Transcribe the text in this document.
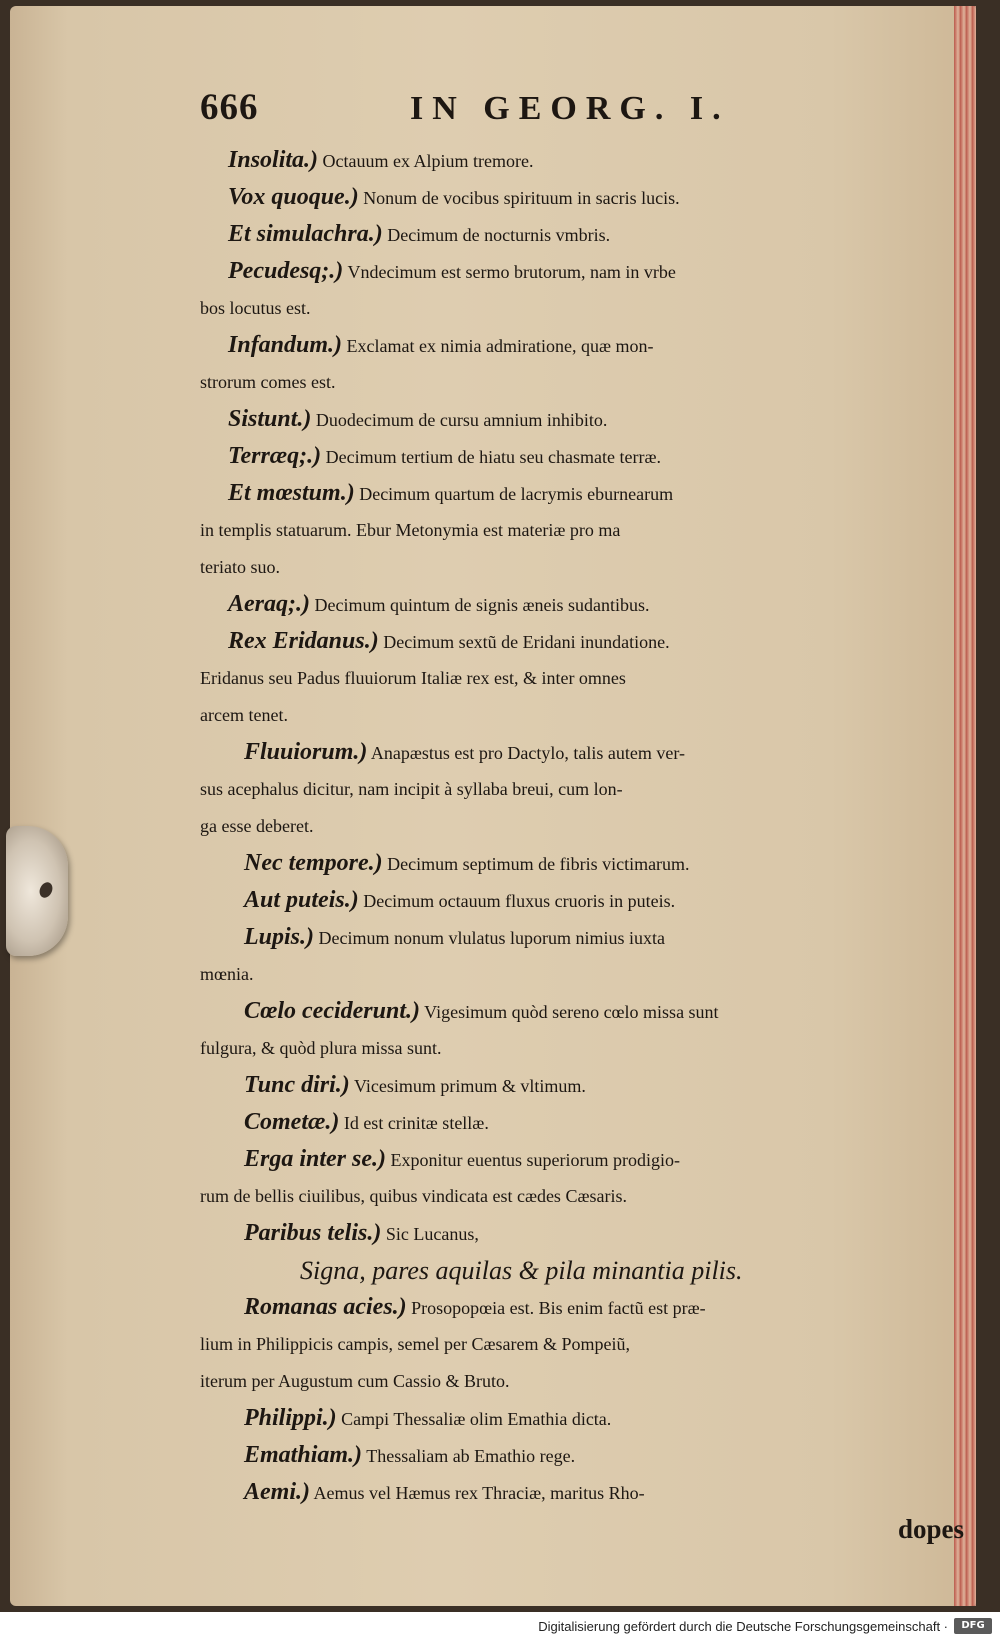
666	IN GEORG. I.
Insolita.) Octauum ex Alpium tremore.
Vox quoque.) Nonum de vocibus spirituum in sacris lucis.
Et simulachra.) Decimum de nocturnis vmbris.
Pecudesq;.) Vndecimum est sermo brutorum, nam in vrbe
bos locutus est.
Infandum.) Exclamat ex nimia admiratione, quæ mon-
strorum comes est.
Sistunt.) Duodecimum de cursu amnium inhibito.
Terræq;.) Decimum tertium de hiatu seu chasmate terræ.
Et mœstum.) Decimum quartum de lacrymis eburnearum
in templis statuarum. Ebur Metonymia est materiæ pro ma
teriato suo.
Aeraq;.) Decimum quintum de signis æneis sudantibus.
Rex Eridanus.) Decimum sextũ de Eridani inundatione.
Eridanus seu Padus fluuiorum Italiæ rex est, & inter omnes
arcem tenet.
Fluuiorum.) Anapæstus est pro Dactylo, talis autem ver-
sus acephalus dicitur, nam incipit à syllaba breui, cum lon-
ga esse deberet.
Nec tempore.) Decimum septimum de fibris victimarum.
Aut puteis.) Decimum octauum fluxus cruoris in puteis.
Lupis.) Decimum nonum vlulatus luporum nimius iuxta
mœnia.
Cœlo ceciderunt.) Vigesimum quòd sereno cœlo missa sunt
fulgura, & quòd plura missa sunt.
Tunc diri.) Vicesimum primum & vltimum.
Cometæ.) Id est crinitæ stellæ.
Erga inter se.) Exponitur euentus superiorum prodigio-
rum de bellis ciuilibus, quibus vindicata est cædes Cæsaris.
Paribus telis.) Sic Lucanus,
Signa, pares aquilas & pila minantia pilis.
Romanas acies.) Prosopopœia est. Bis enim factũ est præ-
lium in Philippicis campis, semel per Cæsarem & Pompeiũ,
iterum per Augustum cum Cassio & Bruto.
Philippi.) Campi Thessaliæ olim Emathia dicta.
Emathiam.) Thessaliam ab Emathio rege.
Aemi.) Aemus vel Hæmus rex Thraciæ, maritus Rho-
dopes
Digitalisierung gefördert durch die Deutsche Forschungsgemeinschaft ·	DFG
